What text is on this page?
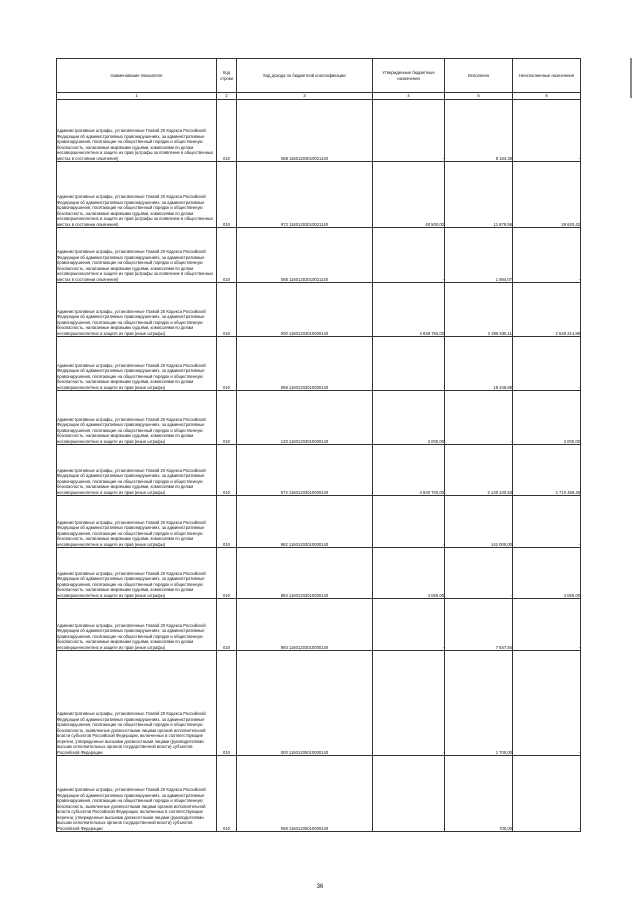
Наименование показателя	Код строки	Код дохода по бюджетной классификации	Утвержденные бюджетные назначения	Исполнено	Неисполненные назначения
1	2	3	4	5	6
Административные штрафы, установленные Главой 20 Кодекса Российской Федерации об административных правонарушениях, за административные правонарушения, посягающие на общественный порядок и общественную безопасность, налагаемые мировыми судьями, комиссиями по делам несовершеннолетних и защите их прав (штрафы за появление в общественных местах в состоянии опьянения)	010	068 11601203010021140	-	8 154,39	-
Административные штрафы, установленные Главой 20 Кодекса Российской Федерации об административных правонарушениях, за административные правонарушения, посягающие на общественный порядок и общественную безопасность, налагаемые мировыми судьями, комиссиями по делам несовершеннолетних и защите их прав (штрафы за появление в общественных местах в состоянии опьянения)	010	972 11601203010021140	40 500,00	11 879,58	29 620,42
Административные штрафы, установленные Главой 20 Кодекса Российской Федерации об административных правонарушениях, за административные правонарушения, посягающие на общественный порядок и общественную безопасность, налагаемые мировыми судьями, комиссиями по делам несовершеннолетних и защите их прав (штрафы за появление в общественных местах в состоянии опьянения)	010	068 11601203010021140	-	1 984,07	-
Административные штрафы, установленные Главой 20 Кодекса Российской Федерации об административных правонарушениях, за административные правонарушения, посягающие на общественный порядок и общественную безопасность, налагаемые мировыми судьями, комиссиями по делам несовершеннолетних и защите их прав (иные штрафы)	010	000 11601203010000140	4 848 750,00	2 299 535,11	2 549 214,89
Административные штрафы, установленные Главой 20 Кодекса Российской Федерации об административных правонарушениях, за административные правонарушения, посягающие на общественный порядок и общественную безопасность, налагаемые мировыми судьями, комиссиями по делам несовершеннолетних и защите их прав (иные штрафы)	010	068 11601203010000140	-	18 348,88	-
Административные штрафы, установленные Главой 20 Кодекса Российской Федерации об административных правонарушениях, за административные правонарушения, посягающие на общественный порядок и общественную безопасность, налагаемые мировыми судьями, комиссиями по делам несовершеннолетних и защите их прав (иные штрафы)	010	133 11601203010000140	2 000,00	-	2 000,00
Административные штрафы, установленные Главой 20 Кодекса Российской Федерации об административных правонарушениях, за административные правонарушения, посягающие на общественный порядок и общественную безопасность, налагаемые мировыми судьями, комиссиями по делам несовершеннолетних и защите их прав (иные штрафы)	010	972 11601203010000140	4 840 700,00	2 130 240,53	2 710 459,48
Административные штрафы, установленные Главой 20 Кодекса Российской Федерации об административных правонарушениях, за административные правонарушения, посягающие на общественный порядок и общественную безопасность, налагаемые мировыми судьями, комиссиями по делам несовершеннолетних и защите их прав (иные штрафы)	010	982 11601203010000140	-	141 000,00	-
Административные штрафы, установленные Главой 20 Кодекса Российской Федерации об административных правонарушениях, за административные правонарушения, посягающие на общественный порядок и общественную безопасность, налагаемые мировыми судьями, комиссиями по делам несовершеннолетних и защите их прав (иные штрафы)	010	983 11601203010000140	4 050,00	-	4 050,00
Административные штрафы, установленные Главой 20 Кодекса Российской Федерации об административных правонарушениях, за административные правонарушения, посягающие на общественный порядок и общественную безопасность, налагаемые мировыми судьями, комиссиями по делам несовершеннолетних и защите их прав (иные штрафы)	010	993 11601203010000140	-	7 847,84	-
Административные штрафы, установленные Главой 20 Кодекса Российской Федерации об административных правонарушениях, за административные правонарушения, посягающие на общественный порядок и общественную безопасность, выявленные должностными лицами органов исполнительной власти субъектов Российской Федерации, включенных в соответствующие перечни, утвержденные высшими должностными лицами (руководителями высших исполнительных органов государственной власти) субъектов Российской Федерации	010	000 11601205010000140	-	1 700,00	-
Административные штрафы, установленные Главой 20 Кодекса Российской Федерации об административных правонарушениях, за административные правонарушения, посягающие на общественный порядок и общественную безопасность, выявленные должностными лицами органов исполнительной власти субъектов Российской Федерации, включенных в соответствующие перечни, утвержденные высшими должностными лицами (руководителями высших исполнительных органов государственной власти) субъектов Российской Федерации	010	068 11601205010000140	-	700,00	-
36
